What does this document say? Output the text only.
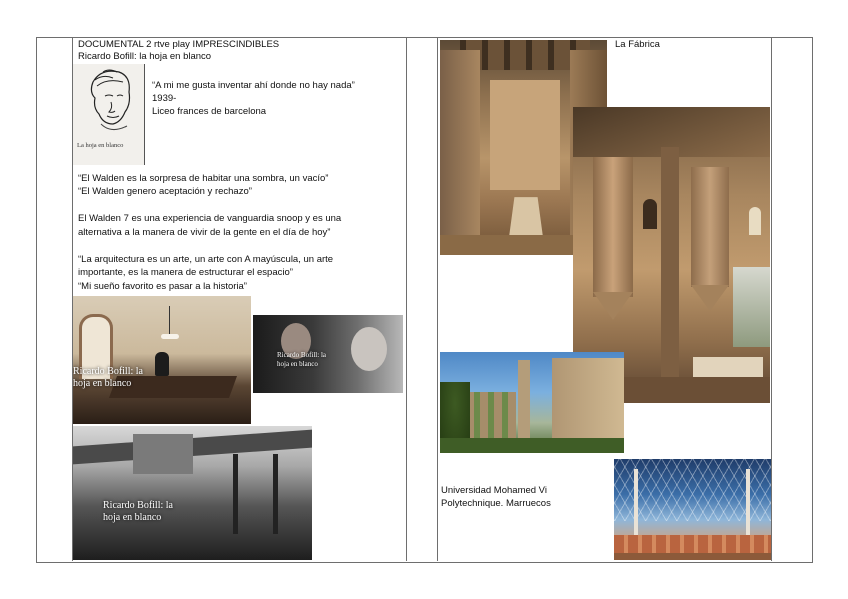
DOCUMENTAL 2 rtve play IMPRESCINDIBLES
Ricardo Bofill: la hoja en blanco
La hoja en blanco
“A mi me gusta inventar ahí donde no hay nada”
1939-
Liceo frances de barcelona
“El Walden es la sorpresa de habitar una sombra, un vacío”
“El Walden genero aceptación y rechazo”
El Walden 7 es una experiencia de vanguardia snoop y es una
alternativa a la manera de vivir de la gente en el día de hoy”
“La arquitectura es un arte, un arte con A mayúscula, un arte
importante, es la manera de estructurar el espacio”
“Mi sueño favorito es pasar a la historia”
Ricardo Bofill: la
hoja en blanco
Ricardo Bofill: la
hoja en blanco
Ricardo Bofill: la
hoja en blanco
La Fábrica
Universidad Mohamed Vi
Polytechnique. Marruecos
